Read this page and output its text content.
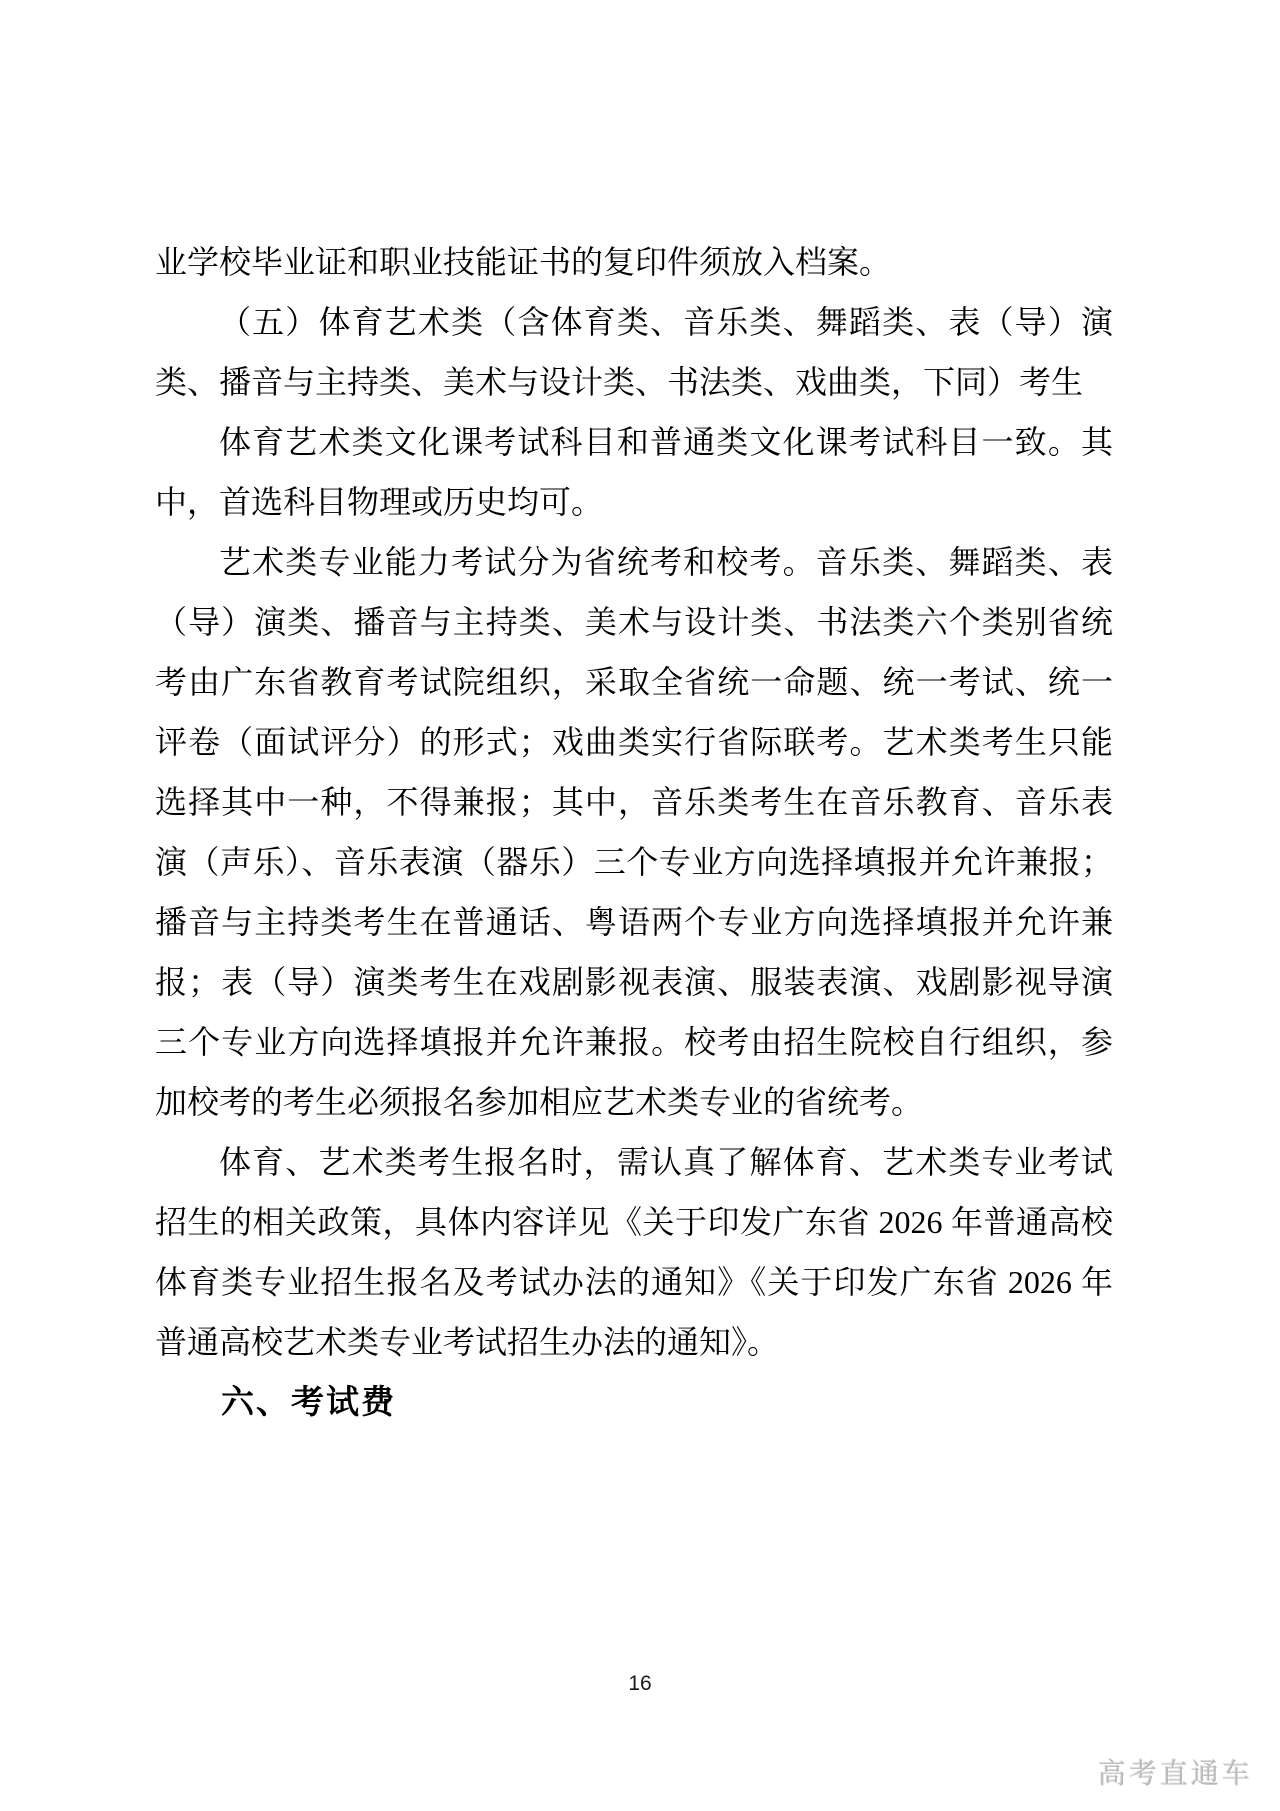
业学校毕业证和职业技能证书的复印件须放入档案。

（五）体育艺术类（含体育类、音乐类、舞蹈类、表（导）演类、播音与主持类、美术与设计类、书法类、戏曲类，下同）考生

体育艺术类文化课考试科目和普通类文化课考试科目一致。其中，首选科目物理或历史均可。

艺术类专业能力考试分为省统考和校考。音乐类、舞蹈类、表（导）演类、播音与主持类、美术与设计类、书法类六个类别省统考由广东省教育考试院组织，采取全省统一命题、统一考试、统一评卷（面试评分）的形式；戏曲类实行省际联考。艺术类考生只能选择其中一种，不得兼报；其中，音乐类考生在音乐教育、音乐表演（声乐）、音乐表演（器乐）三个专业方向选择填报并允许兼报；播音与主持类考生在普通话、粤语两个专业方向选择填报并允许兼报；表（导）演类考生在戏剧影视表演、服装表演、戏剧影视导演三个专业方向选择填报并允许兼报。校考由招生院校自行组织，参加校考的考生必须报名参加相应艺术类专业的省统考。

体育、艺术类考生报名时，需认真了解体育、艺术类专业考试招生的相关政策，具体内容详见《关于印发广东省 2026 年普通高校体育类专业招生报名及考试办法的通知》《关于印发广东省 2026 年普通高校艺术类专业考试招生办法的通知》。

六、考试费

16
高考直通车
